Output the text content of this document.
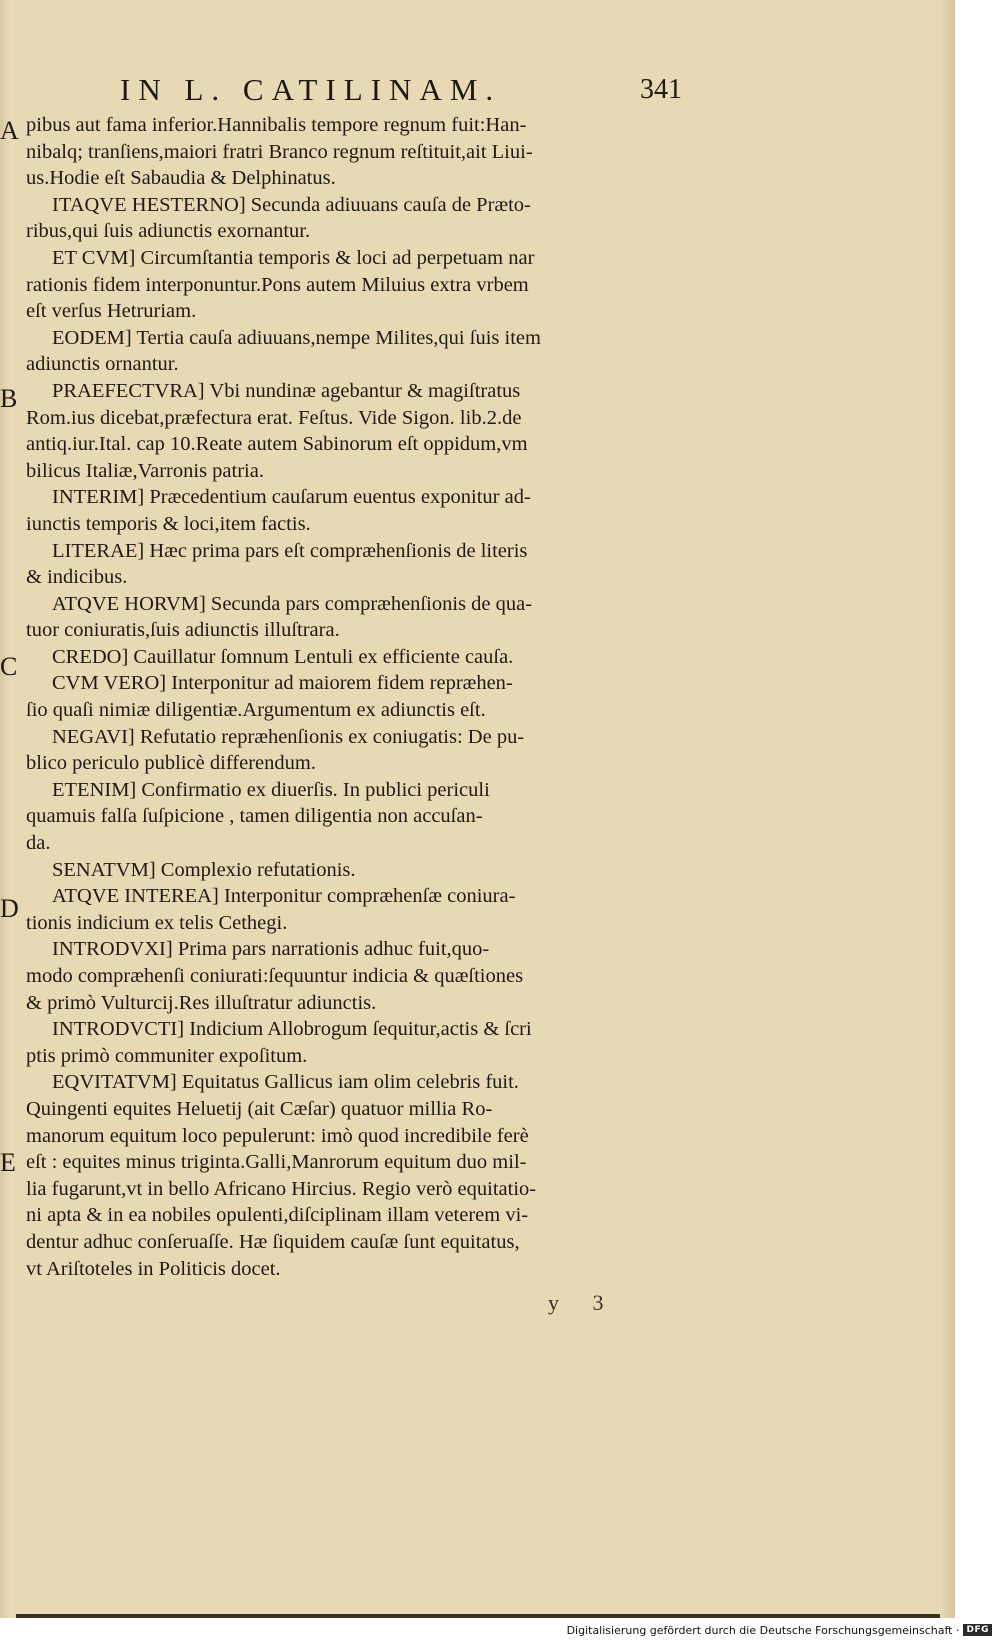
IN L. CATILINAM.	341
A
B
C
D
E
pibus aut fama inferior.Hannibalis tempore regnum fuit:Han-
nibalq; tranſiens,maiori fratri Branco regnum reſtituit,ait Liui-
us.Hodie eſt Sabaudia & Delphinatus.
ITAQVE HESTERNO] Secunda adiuuans cauſa de Præto-
ribus,qui ſuis adiunctis exornantur.
ET CVM] Circumſtantia temporis & loci ad perpetuam nar
rationis fidem interponuntur.Pons autem Miluius extra vrbem
eſt verſus Hetruriam.
EODEM] Tertia cauſa adiuuans,nempe Milites,qui ſuis item
adiunctis ornantur.
PRAEFECTVRA] Vbi nundinæ agebantur & magiſtratus
Rom.ius dicebat,præfectura erat. Feſtus. Vide Sigon. lib.2.de
antiq.iur.Ital. cap 10.Reate autem Sabinorum eſt oppidum,vm
bilicus Italiæ,Varronis patria.
INTERIM] Præcedentium cauſarum euentus exponitur ad-
iunctis temporis & loci,item factis.
LITERAE] Hæc prima pars eſt compræhenſionis de literis
& indicibus.
ATQVE HORVM] Secunda pars compræhenſionis de qua-
tuor coniuratis,ſuis adiunctis illuſtrara.
CREDO] Cauillatur ſomnum Lentuli ex efficiente cauſa.
CVM VERO] Interponitur ad maiorem fidem repræhen-
ſio quaſi nimiæ diligentiæ.Argumentum ex adiunctis eſt.
NEGAVI] Refutatio repræhenſionis ex coniugatis: De pu-
blico periculo publicè differendum.
ETENIM] Confirmatio ex diuerſis. In publici periculi
quamuis falſa ſuſpicione , tamen diligentia non accuſan-
da.
SENATVM] Complexio refutationis.
ATQVE INTEREA] Interponitur compræhenſæ coniura-
tionis indicium ex telis Cethegi.
INTRODVXI] Prima pars narrationis adhuc fuit,quo-
modo compræhenſi coniurati:ſequuntur indicia & quæſtiones
& primò Vulturcij.Res illuſtratur adiunctis.
INTRODVCTI] Indicium Allobrogum ſequitur,actis & ſcri
ptis primò communiter expoſitum.
EQVITATVM] Equitatus Gallicus iam olim celebris fuit.
Quingenti equites Heluetij (ait Cæſar) quatuor millia Ro-
manorum equitum loco pepulerunt: imò quod incredibile ferè
eſt : equites minus triginta.Galli,Manrorum equitum duo mil-
lia fugarunt,vt in bello Africano Hircius. Regio verò equitatio-
ni apta & in ea nobiles opulenti,diſciplinam illam veterem vi-
dentur adhuc conſeruaſſe. Hæ ſiquidem cauſæ ſunt equitatus,
vt Ariſtoteles in Politicis docet.
y 3
Digitalisierung gefördert durch die Deutsche Forschungsgemeinschaft · DFG
